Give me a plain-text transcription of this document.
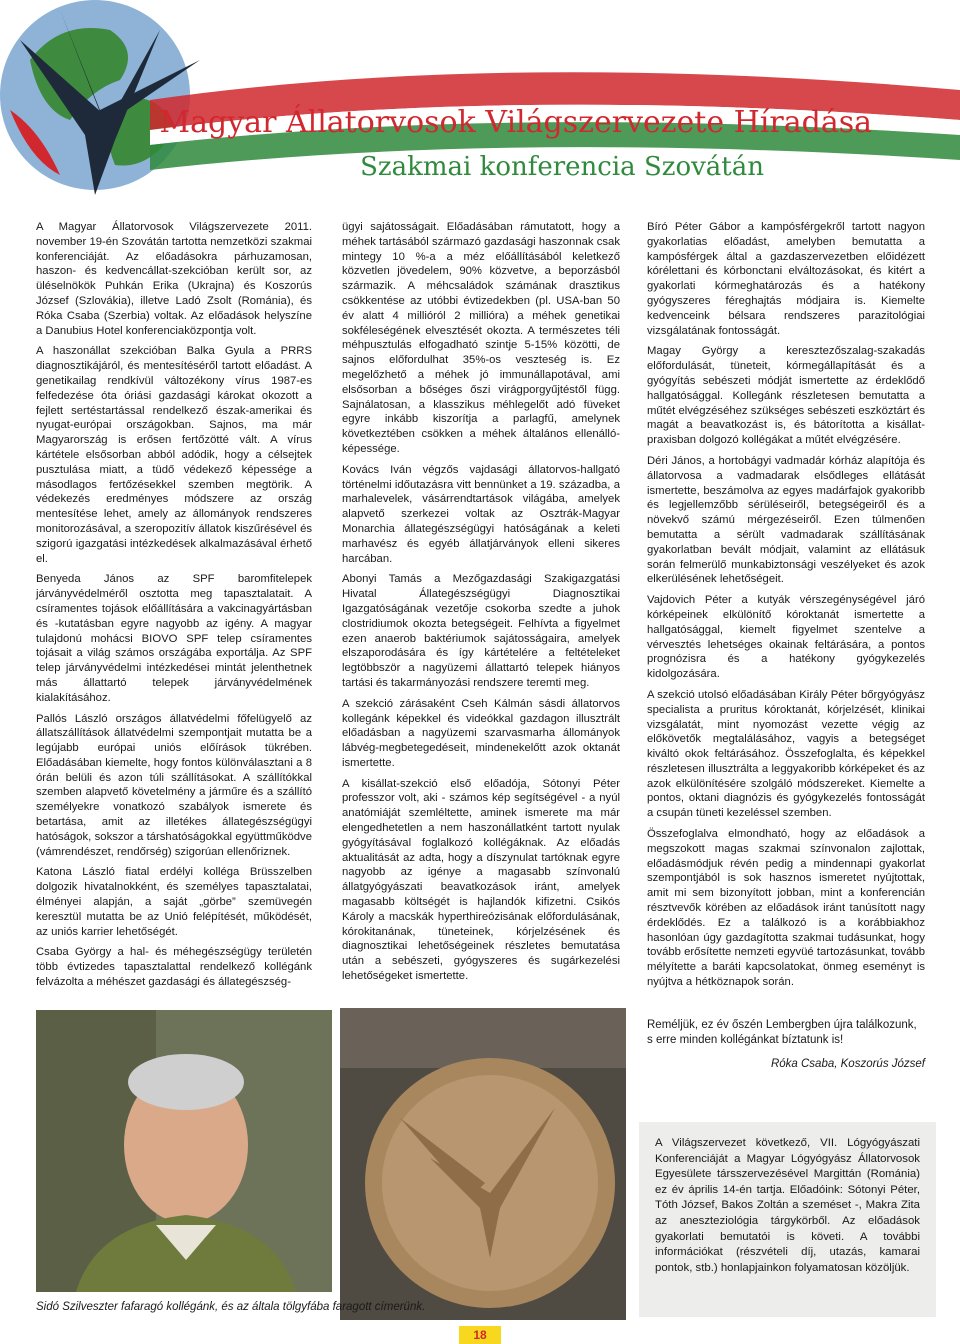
Magyar Állatorvosok Világszervezete Híradása
Szakmai konferencia Szovátán

A Magyar Állatorvosok Világszervezete 2011. november 19-én Szovátán tartotta nemzetközi szakmai konferenciáját. Az előadásokra párhuzamosan, haszon- és kedvencállat-szekcióban került sor, az üléselnökök Puhkán Erika (Ukrajna) és Koszorús József (Szlovákia), illetve Ladó Zsolt (Románia), és Róka Csaba (Szerbia) voltak. Az előadások helyszíne a Danubius Hotel konferenciaközpontja volt.

A haszonállat szekcióban Balka Gyula a PRRS diagnosztikájáról, és mentesítéséről tartott előadást. A genetikailag rendkívül változékony vírus 1987-es felfedezése óta óriási gazdasági károkat okozott a fejlett sertéstartással rendelkező észak-amerikai és nyugat-európai országokban. Sajnos, ma már Magyarország is erősen fertőzötté vált. A vírus kártétele elsősorban abból adódik, hogy a célsejtek pusztulása miatt, a tüdő védekező képessége a másodlagos fertőzésekkel szemben megtörik. A védekezés eredményes módszere az ország mentesítése lehet, amely az állományok rendszeres monitorozásával, a szeropozitív állatok kiszűrésével és szigorú igazgatási intézkedések alkalmazásával érhető el.

Benyeda János az SPF baromfitelepek járványvédelméről osztotta meg tapasztalatait. A csíramentes tojások előállítására a vakcinagyártásban és -kutatásban egyre nagyobb az igény. A magyar tulajdonú mohácsi BIOVO SPF telep csíramentes tojásait a világ számos országába exportálja. Az SPF telep járványvédelmi intézkedései mintát jelenthetnek más állattartó telepek járványvédelmének kialakításához.

Pallós László országos állatvédelmi főfelügyelő az állatszállítások állatvédelmi szempontjait mutatta be a legújabb európai uniós előírások tükrében. Előadásában kiemelte, hogy fontos különválasztani a 8 órán belüli és azon túli szállításokat. A szállítókkal szemben alapvető követelmény a járműre és a szállító személyekre vonatkozó szabályok ismerete és betartása, amit az illetékes állategészségügyi hatóságok, sokszor a társhatóságokkal együttműködve (vámrendészet, rendőrség) szigorúan ellenőriznek.

Katona László fiatal erdélyi kolléga Brüsszelben dolgozik hivatalnokként, és személyes tapasztalatai, élményei alapján, a saját „görbe” szemüvegén keresztül mutatta be az Unió felépítését, működését, az uniós karrier lehetőségét.

Csaba György a hal- és méhegészségügy területén több évtizedes tapasztalattal rendelkező kollégánk felvázolta a méhészet gazdasági és állategészség-

ügyi sajátosságait. Előadásában rámutatott, hogy a méhek tartásából származó gazdasági haszonnak csak mintegy 10 %-a a méz előállításából keletkező közvetlen jövedelem, 90% közvetve, a beporzásból származik. A méhcsaládok számának drasztikus csökkentése az utóbbi évtizedekben (pl. USA-ban 50 év alatt 4 millióról 2 millióra) a méhek genetikai sokféleségének elvesztését okozta. A természetes téli méhpusztulás elfogadható szintje 5-15% közötti, de sajnos előfordulhat 35%-os veszteség is. Ez megelőzhető a méhek jó immunállapotával, ami elsősorban a bőséges őszi virágporgyűjtéstől függ. Sajnálatosan, a klasszikus méhlegelőt adó füveket egyre inkább kiszorítja a parlagfű, amelynek következtében csökken a méhek általános ellenálló-képessége.

Kovács Iván végzős vajdasági állatorvos-hallgató történelmi időutazásra vitt bennünket a 19. századba, a marhalevelek, vásárrendtartások világába, amelyek alapvető szerkezei voltak az Osztrák-Magyar Monarchia állategészségügyi hatóságának a keleti marhavész és egyéb állatjárványok elleni sikeres harcában.

Abonyi Tamás a Mezőgazdasági Szakigazgatási Hivatal Állategészségügyi Diagnosztikai Igazgatóságának vezetője csokorba szedte a juhok clostridiumok okozta betegségeit. Felhívta a figyelmet ezen anaerob baktériumok sajátosságaira, amelyek elszaporodására és így kártételére a feltételeket legtöbbször a nagyüzemi állattartó telepek hiányos tartási és takarmányozási rendszere teremti meg.

A szekció zárásaként Cseh Kálmán sásdi állatorvos kollegánk képekkel és videókkal gazdagon illusztrált előadásban a nagyüzemi szarvasmarha állományok lábvég-megbetegedéseit, mindenekelőtt azok oktanát ismertette.

A kisállat-szekció első előadója, Sótonyi Péter professzor volt, aki - számos kép segítségével - a nyúl anatómiáját szemléltette, aminek ismerete ma már elengedhetetlen a nem haszonállatként tartott nyulak gyógyításával foglalkozó kollégáknak. Az előadás aktualitását az adta, hogy a díszynulat tartóknak egyre nagyobb az igénye a magasabb színvonalú állatgyógyászati beavatkozások iránt, amelyek magasabb költségét is hajlandók kifizetni. Csikós Károly a macskák hyperthireózisának előfordulásának, kórokitanának, tüneteinek, kórjelzésének és diagnosztikai lehetőségeinek részletes bemutatása után a sebészeti, gyógyszeres és sugárkezelési lehetőségeket ismertette.

Bíró Péter Gábor a kampósférgekről tartott nagyon gyakorlatias előadást, amelyben bemutatta a kampósférgek által a gazdaszervezetben előidézett kórélettani és kórbonctani elváltozásokat, és kitért a gyakorlati kórmeghatározás és a hatékony gyógyszeres féreghajtás módjaira is. Kiemelte kedvenceink bélsara rendszeres parazitológiai vizsgálatának fontosságát.

Magay György a keresztezőszalag-szakadás előfordulását, tüneteit, kórmegállapítását és a gyógyítás sebészeti módját ismertette az érdeklődő hallgatósággal. Kollegánk részletesen bemutatta a műtét elvégzéséhez szükséges sebészeti eszköztárt és magát a beavatkozást is, és bátorította a kisállat-praxisban dolgozó kollégákat a műtét elvégzésére.

Déri János, a hortobágyi vadmadár kórház alapítója és állatorvosa a vadmadarak elsődleges ellátását ismertette, beszámolva az egyes madárfajok gyakoribb és legjellemzőbb sérüléseiről, betegségeiről és a növekvő számú mérgezéseiről. Ezen túlmenően bemutatta a sérült vadmadarak szállításának gyakorlatban bevált módjait, valamint az ellátásuk során felmerülő munkabiztonsági veszélyeket és azok elkerülésének lehetőségeit.

Vajdovich Péter a kutyák vérszegénységével járó kórképeinek elkülönítő kóroktanát ismertette a hallgatósággal, kiemelt figyelmet szentelve a vérvesztés lehetséges okainak feltárására, a pontos prognózisra és a hatékony gyógykezelés kidolgozására.

A szekció utolsó előadásában Király Péter bőrgyógyász specialista a pruritus kóroktanát, kórjelzését, klinikai vizsgálatát, mint nyomozást vezette végig az előkövetők megtalálásához, vagyis a betegséget kiváltó okok feltárásához. Összefoglalta, és képekkel részletesen illusztrálta a leggyakoribb kórképeket és az azok elkülönítésére szolgáló módszereket. Kiemelte a pontos, oktani diagnózis és gyógykezelés fontosságát a csupán tüneti kezeléssel szemben.

Összefoglalva elmondható, hogy az előadások a megszokott magas szakmai színvonalon zajlottak, előadásmódjuk révén pedig a mindennapi gyakorlat szempontjából is sok hasznos ismeretet nyújtottak, amit mi sem bizonyított jobban, mint a konferencián résztvevők körében az előadások iránt tanúsított nagy érdeklődés. Ez a találkozó is a korábbiakhoz hasonlóan úgy gazdagította szakmai tudásunkat, hogy tovább erősítette nemzeti egyvüé tartozásunkat, tovább mélyítette a baráti kapcsolatokat, önmeg eseményt is nyújtva a hétköznapok során.

Reméljük, ez év őszén Lembergben újra találkozunk, s erre minden kollégánkat bíztatunk is!

Róka Csaba, Koszorús József

A Világszervezet következő, VII. Lógyógyászati Konferenciáját a Magyar Lógyógyász Állatorvosok Egyesülete társszervezésével Margittán (Románia) ez év április 14-én tartja. Előadóink: Sótonyi Péter, Tóth József, Bakos Zoltán a szeméset -, Makra Zita az aneszteziológia tárgykörből. Az előadások gyakorlati bemutatói is követi. A további információkat (részvételi díj, utazás, kamarai pontok, stb.) honlapjainkon folyamatosan közöljük.
Sidó Szilveszter fafaragó kollégánk, és az általa tölgyfába faragott címerünk.
18
